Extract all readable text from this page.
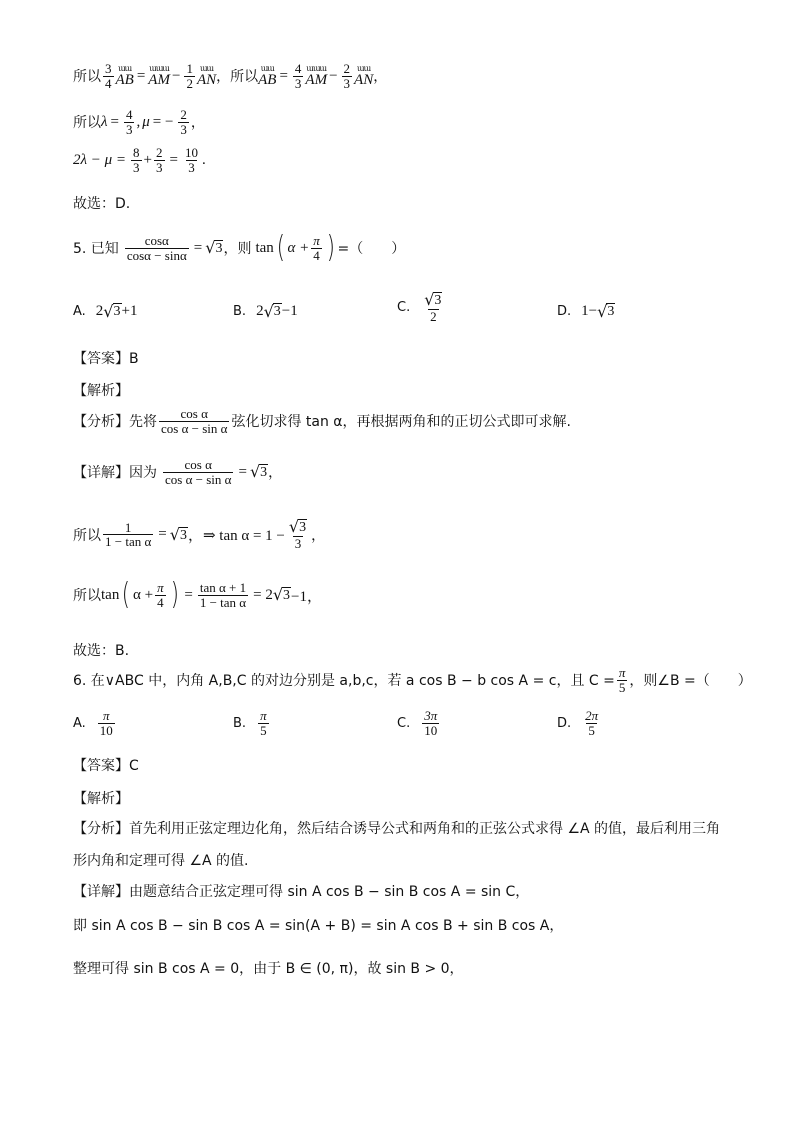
所以 $\frac{3}{4}$ ɯɯ
AB = ɯɯɯ
AM − $\frac{1}{2}$ ɯɯ
AN ，所以
ɯɯ
AB = $\frac{4}{3}$ ɯɯɯ
AM − $\frac{2}{3}$ ɯɯ
AN ，
所以 $\lambda = \frac{4}{3}$ , μ = − $\frac{2}{3}$ ，
$2\lambda - \mu = \frac{8}{3} + \frac{2}{3} = \frac{10}{3}$ .
故选：D.
5. 已知 $\frac{\cos\alpha}{\cos\alpha - \sin\alpha}$ = √ 3 ，则 tan ( $\alpha + \frac{\pi}{4}$ ) =（　　）
A. 2 √ 3 +1	B. 2 √ 3 −1	C. $\frac{√ 3}{2}$	D. 1− √ 3
【答案】B
【解析】
【分析】先将 $\frac{\text{cos α}}{\text{cos α − sin α}}$ 弦化切求得 tan α，再根据两角和的正切公式即可求解.
【详解】因为 $\frac{\text{cos α}}{\text{cos α − sin α}}$ = √ 3 ，
所以 $\frac{1}{\text{1 − tan α}}$ = √ 3 ，⇒ $\tan \alpha = 1 - \frac{√ 3}{3}$ ，
所以 tan ( $\alpha + \frac{\pi}{4}$ ) = $\frac{\text{tan α + 1}}{\text{1 − tan α}} = 2$ √ 3 −1，
故选：B.
6. 在∨ABC 中，内角 A,B,C 的对边分别是 a,b,c，若 a cos B − b cos A = c，且 $C = \frac{\pi}{5}$ ，则∠B =（　　）
A. $\frac{\pi}{10}$	B. $\frac{\pi}{5}$	C. $\frac{3\pi}{10}$	D. $\frac{2\pi}{5}$
【答案】C
【解析】
【分析】首先利用正弦定理边化角，然后结合诱导公式和两角和的正弦公式求得 ∠A 的值，最后利用三角
形内角和定理可得 ∠A 的值.
【详解】由题意结合正弦定理可得 sin A cos B − sin B cos A = sin C，
即 sin A cos B − sin B cos A = sin(A + B) = sin A cos B + sin B cos A，
整理可得 sin B cos A = 0，由于 B ∈ (0, π)，故 sin B > 0，
